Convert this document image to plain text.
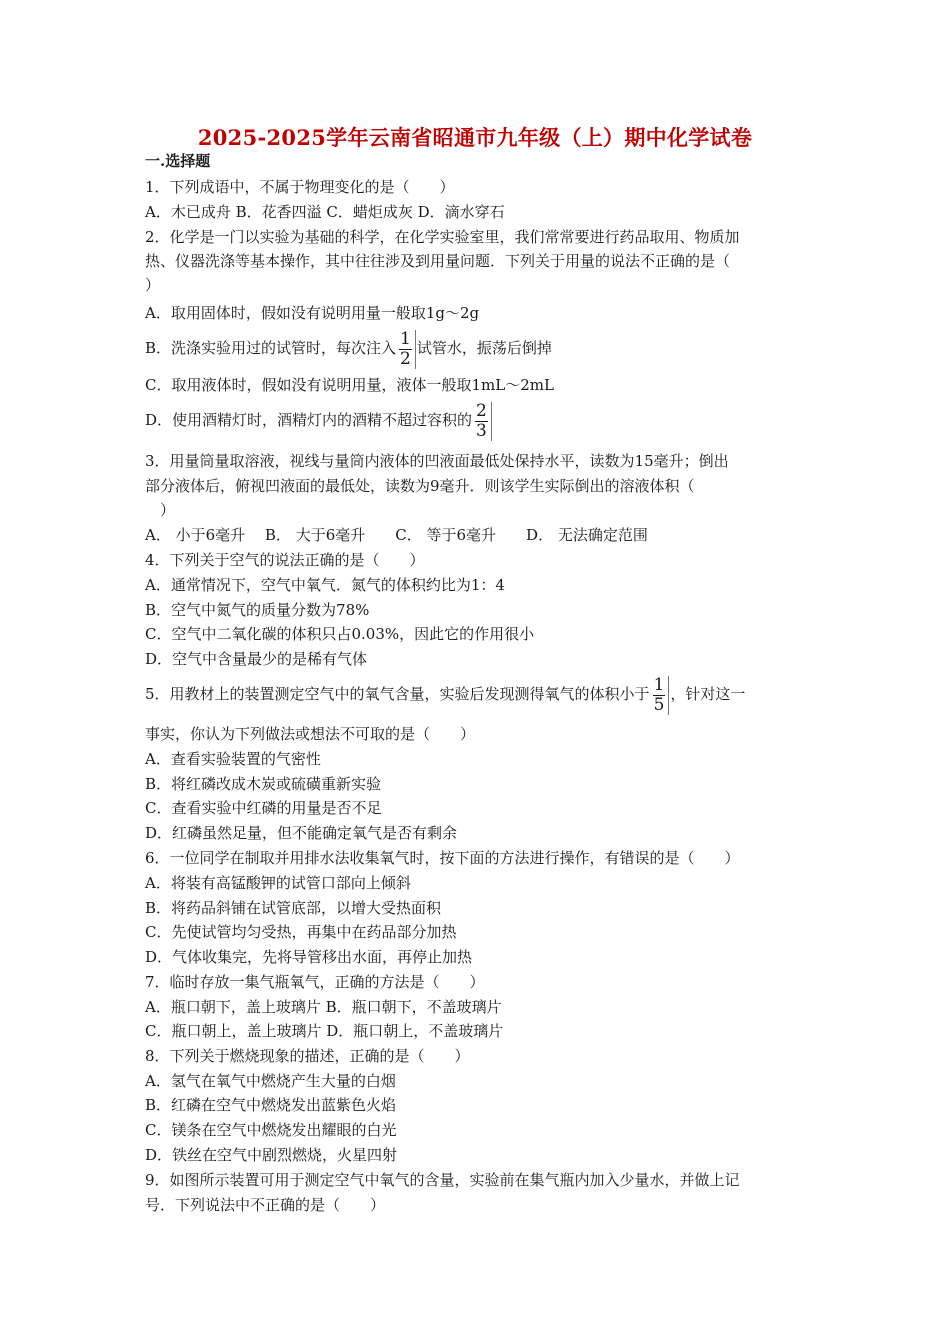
2025-2025学年云南省昭通市九年级（上）期中化学试卷
一.选择题
1．下列成语中，不属于物理变化的是（　　）
A．木已成舟 B．花香四溢 C．蜡炬成灰 D．滴水穿石
2．化学是一门以实验为基础的科学，在化学实验室里，我们常常要进行药品取用、物质加
热、仪器洗涤等基本操作，其中往往涉及到用量问题．下列关于用量的说法不正确的是（
）
A．取用固体时，假如没有说明用量一般取1g～2g
B．洗涤实验用过的试管时，每次注入 $\frac{1}{2}$ 试管水，振荡后倒掉
C．取用液体时，假如没有说明用量，液体一般取1mL～2mL
D．使用酒精灯时，酒精灯内的酒精不超过容积的 $\frac{2}{3}$
3．用量筒量取溶液，视线与量筒内液体的凹液面最低处保持水平，读数为15毫升；倒出
部分液体后，俯视凹液面的最低处，读数为9毫升．则该学生实际倒出的溶液体积（
）
A． 小于6毫升　 B． 大于6毫升　　C． 等于6毫升　　D． 无法确定范围
4．下列关于空气的说法正确的是（　　）
A．通常情况下，空气中氧气．氮气的体积约比为1：4
B．空气中氮气的质量分数为78%
C．空气中二氧化碳的体积只占0.03%，因此它的作用很小
D．空气中含量最少的是稀有气体
5．用教材上的装置测定空气中的氧气含量，实验后发现测得氧气的体积小于 $\frac{1}{5}$ ，针对这一
事实，你认为下列做法或想法不可取的是（　　）
A．查看实验装置的气密性
B．将红磷改成木炭或硫磺重新实验
C．查看实验中红磷的用量是否不足
D．红磷虽然足量，但不能确定氧气是否有剩余
6．一位同学在制取并用排水法收集氧气时，按下面的方法进行操作，有错误的是（　　）
A．将装有高锰酸钾的试管口部向上倾斜
B．将药品斜铺在试管底部，以增大受热面积
C．先使试管均匀受热，再集中在药品部分加热
D．气体收集完，先将导管移出水面，再停止加热
7．临时存放一集气瓶氧气，正确的方法是（　　）
A．瓶口朝下，盖上玻璃片 B．瓶口朝下，不盖玻璃片
C．瓶口朝上，盖上玻璃片 D．瓶口朝上，不盖玻璃片
8．下列关于燃烧现象的描述，正确的是（　　）
A．氢气在氧气中燃烧产生大量的白烟
B．红磷在空气中燃烧发出蓝紫色火焰
C．镁条在空气中燃烧发出耀眼的白光
D．铁丝在空气中剧烈燃烧，火星四射
9．如图所示装置可用于测定空气中氧气的含量，实验前在集气瓶内加入少量水，并做上记
号．下列说法中不正确的是（　　）
